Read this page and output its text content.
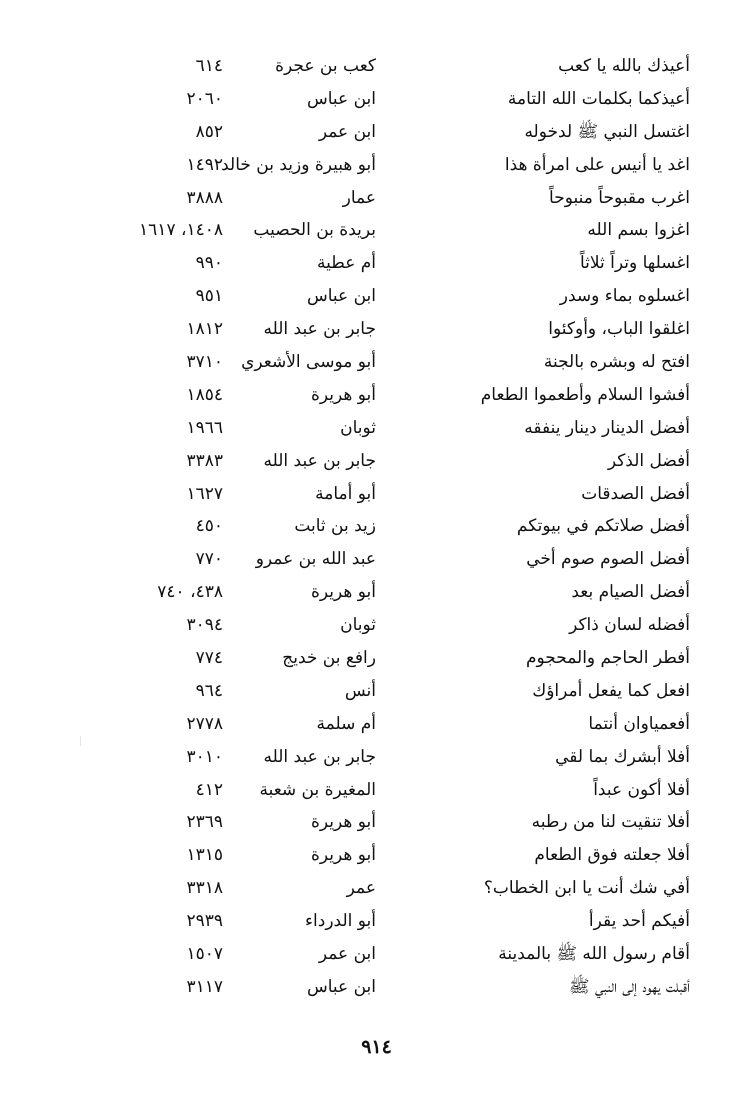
أعيذك بالله يا كعب
كعب بن عجرة
٦١٤
أعيذكما بكلمات الله التامة
ابن عباس
٢٠٦٠
اغتسل النبي ﷺ لدخوله
ابن عمر
٨٥٢
اغد يا أنيس على امرأة هذا
أبو هبيرة وزيد بن خالد
١٤٩٢
اغرب مقبوحاً منبوحاً
عمار
٣٨٨٨
اغزوا بسم الله
بريدة بن الحصيب
١٤٠٨، ١٦١٧
اغسلها وتراً ثلاثاً
أم عطية
٩٩٠
اغسلوه بماء وسدر
ابن عباس
٩٥١
اغلقوا الباب، وأوكئوا
جابر بن عبد الله
١٨١٢
افتح له وبشره بالجنة
أبو موسى الأشعري
٣٧١٠
أفشوا السلام وأطعموا الطعام
أبو هريرة
١٨٥٤
أفضل الدينار دينار ينفقه
ثوبان
١٩٦٦
أفضل الذكر
جابر بن عبد الله
٣٣٨٣
أفضل الصدقات
أبو أمامة
١٦٢٧
أفضل صلاتكم في بيوتكم
زيد بن ثابت
٤٥٠
أفضل الصوم صوم أخي
عبد الله بن عمرو
٧٧٠
أفضل الصيام بعد
أبو هريرة
٤٣٨، ٧٤٠
أفضله لسان ذاكر
ثوبان
٣٠٩٤
أفطر الحاجم والمحجوم
رافع بن خديج
٧٧٤
افعل كما يفعل أمراؤك
أنس
٩٦٤
أفعمياوان أنتما
أم سلمة
٢٧٧٨
أفلا أبشرك بما لقي
جابر بن عبد الله
٣٠١٠
أفلا أكون عبداً
المغيرة بن شعبة
٤١٢
أفلا تنقيت لنا من رطبه
أبو هريرة
٢٣٦٩
أفلا جعلته فوق الطعام
أبو هريرة
١٣١٥
أفي شك أنت يا ابن الخطاب؟
عمر
٣٣١٨
أفيكم أحد يقرأ
أبو الدرداء
٢٩٣٩
أقام رسول الله ﷺ بالمدينة
ابن عمر
١٥٠٧
أقبلت يهود إلى النبي ﷺ
ابن عباس
٣١١٧
٩١٤
